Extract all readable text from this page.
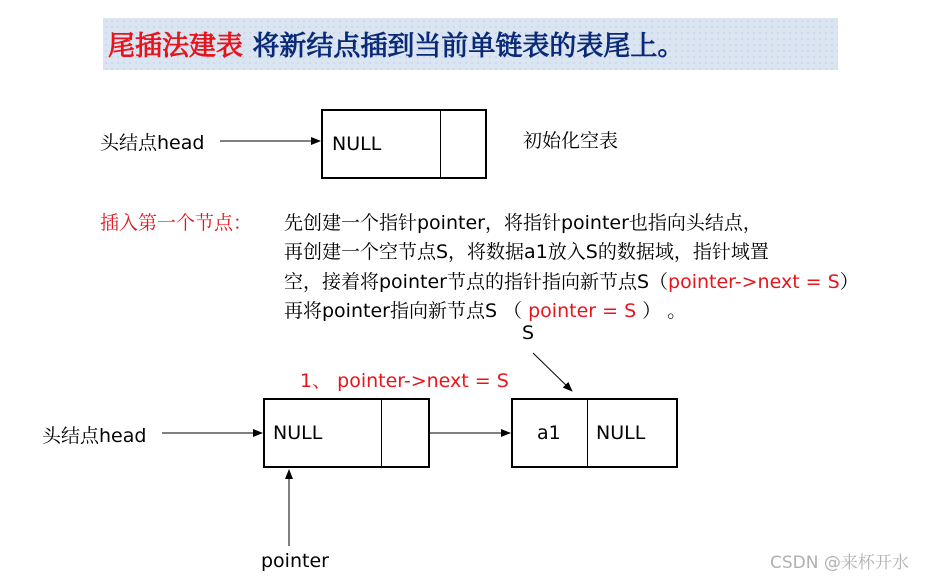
尾插法建表 将新结点插到当前单链表的表尾上。
头结点head	NULL	初始化空表
插入第一个节点： 先创建一个指针pointer，将指针pointer也指向头结点，
再创建一个空节点S，将数据a1放入S的数据域，指针域置
空，接着将pointer节点的指针指向新节点S（pointer->next = S）
再将pointer指向新节点S （ pointer = S ） 。
S
1、 pointer->next = S
头结点head	NULL	a1 NULL
pointer	CSDN @来杯开水
